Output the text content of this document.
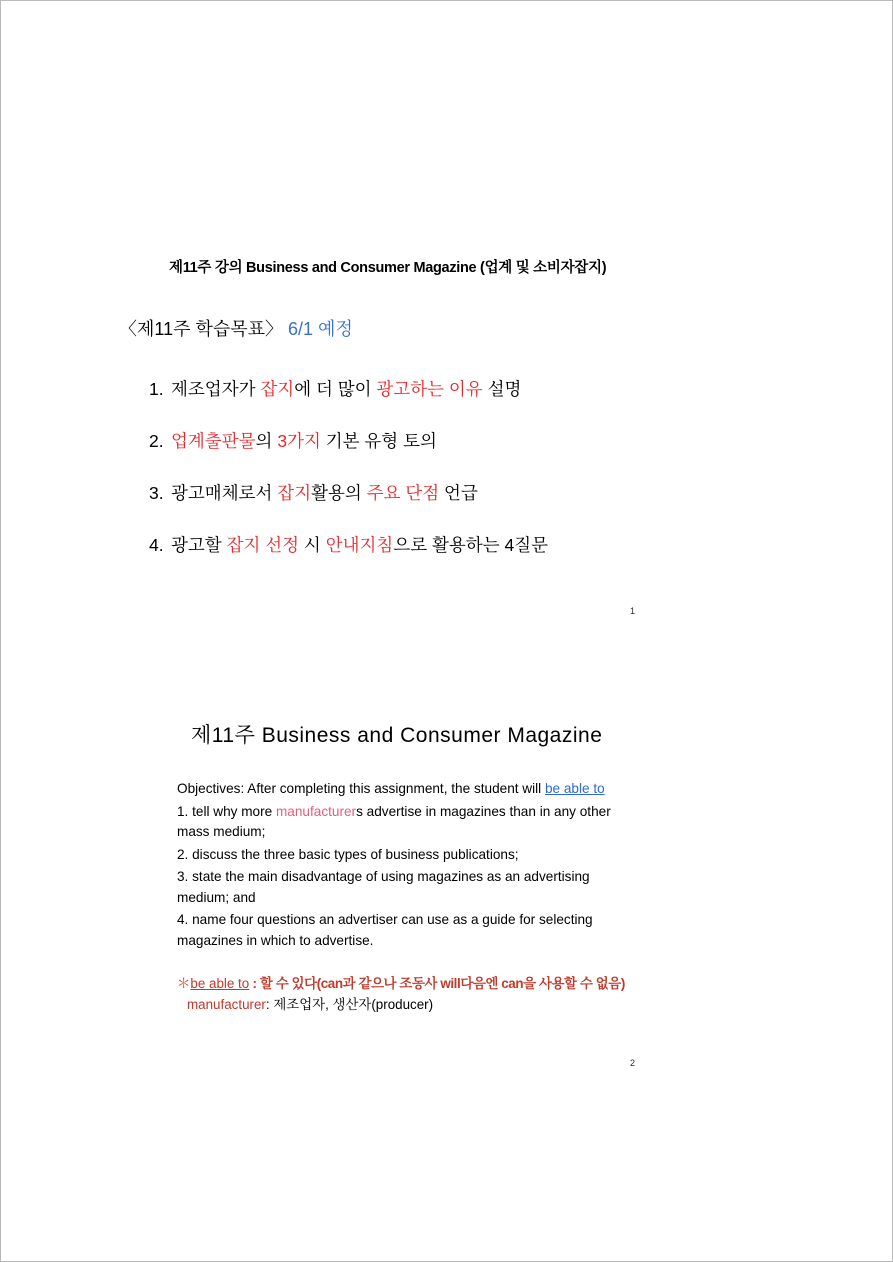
제11주 강의 Business and Consumer Magazine (업계 및 소비자잡지)
〈제11주 학습목표〉 6/1 예정
1. 제조업자가 잡지에 더 많이 광고하는 이유 설명
2. 업계출판물의 3가지 기본 유형 토의
3. 광고매체로서 잡지활용의 주요 단점 언급
4. 광고할 잡지 선정 시 안내지침으로 활용하는 4질문
1
제11주 Business and Consumer Magazine

Objectives: After completing this assignment, the student will be able to

1. tell why more manufacturers advertise in magazines than in any other mass medium;

2. discuss the three basic types of business publications;

3. state the main disadvantage of using magazines as an advertising medium; and

4. name four questions an advertiser can use as a guide for selecting magazines in which to advertise.

＊be able to : 할 수 있다(can과 같으나 조동사 will다음엔 can을 사용할 수 없음)
manufacturer: 제조업자, 생산자(producer)
2
